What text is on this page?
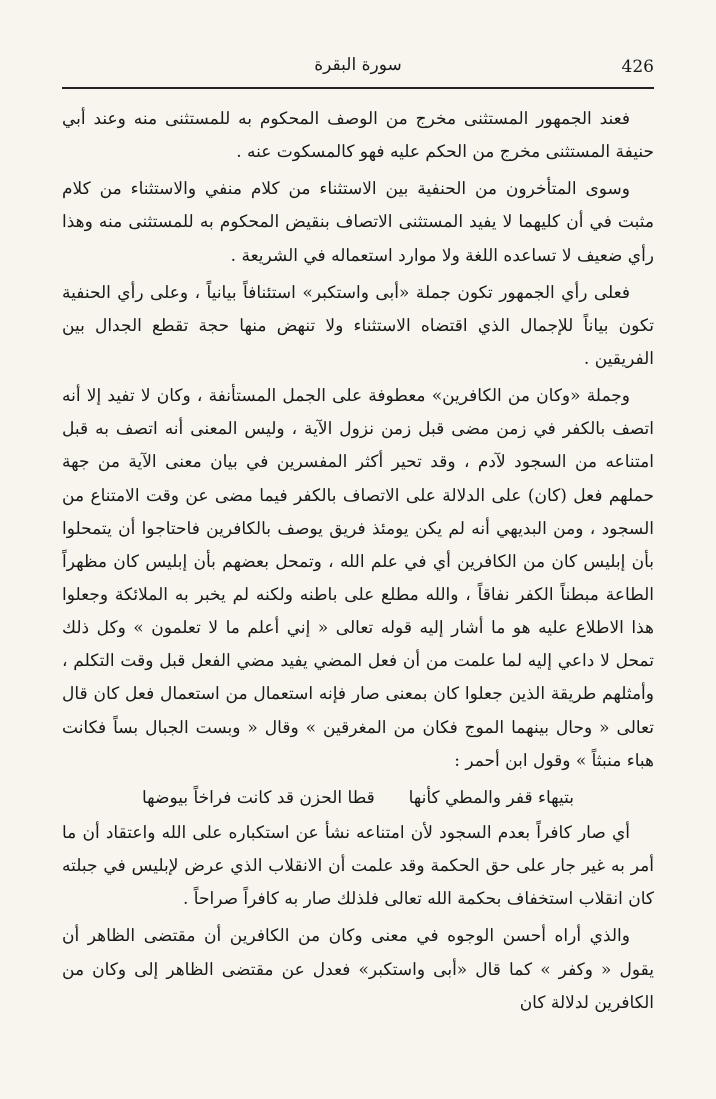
426
سورة البقرة

فعند الجمهور المستثنى مخرج من الوصف المحكوم به للمستثنى منه وعند أبي حنيفة المستثنى مخرج من الحكم عليه فهو كالمسكوت عنه .

وسوى المتأخرون من الحنفية بين الاستثناء من كلام منفي والاستثناء من كلام مثبت في أن كليهما لا يفيد المستثنى الاتصاف بنقيض المحكوم به للمستثنى منه وهذا رأي ضعيف لا تساعده اللغة ولا موارد استعماله في الشريعة .

فعلى رأي الجمهور تكون جملة «أبى واستكبر» استئنافاً بيانياً ، وعلى رأي الحنفية تكون بياناً للإجمال الذي اقتضاه الاستثناء ولا تنهض منها حجة تقطع الجدال بين الفريقين .

وجملة «وكان من الكافرين» معطوفة على الجمل المستأنفة ، وكان لا تفيد إلا أنه اتصف بالكفر في زمن مضى قبل زمن نزول الآية ، وليس المعنى أنه اتصف به قبل امتناعه من السجود لآدم ، وقد تحير أكثر المفسرين في بيان معنى الآية من جهة حملهم فعل (كان) على الدلالة على الاتصاف بالكفر فيما مضى عن وقت الامتناع من السجود ، ومن البديهي أنه لم يكن يومئذ فريق يوصف بالكافرين فاحتاجوا أن يتمحلوا بأن إبليس كان من الكافرين أي في علم الله ، وتمحل بعضهم بأن إبليس كان مظهراً الطاعة مبطناً الكفر نفاقاً ، والله مطلع على باطنه ولكنه لم يخبر به الملائكة وجعلوا هذا الاطلاع عليه هو ما أشار إليه قوله تعالى « إني أعلم ما لا تعلمون » وكل ذلك تمحل لا داعي إليه لما علمت من أن فعل المضي يفيد مضي الفعل قبل وقت التكلم ، وأمثلهم طريقة الذين جعلوا كان بمعنى صار فإنه استعمال من استعمال فعل كان قال تعالى « وحال بينهما الموج فكان من المغرقين » وقال « وبست الجبال بساً فكانت هباء منبثاً » وقول ابن أحمر :

بتيهاء قفر والمطي كأنها
قطا الحزن قد كانت فراخاً بيوضها

أي صار كافراً بعدم السجود لأن امتناعه نشأ عن استكباره على الله واعتقاد أن ما أمر به غير جار على حق الحكمة وقد علمت أن الانقلاب الذي عرض لإبليس في جبلته كان انقلاب استخفاف بحكمة الله تعالى فلذلك صار به كافراً صراحاً .

والذي أراه أحسن الوجوه في معنى وكان من الكافرين أن مقتضى الظاهر أن يقول « وكفر » كما قال «أبى واستكبر» فعدل عن مقتضى الظاهر إلى وكان من الكافرين لدلالة كان
